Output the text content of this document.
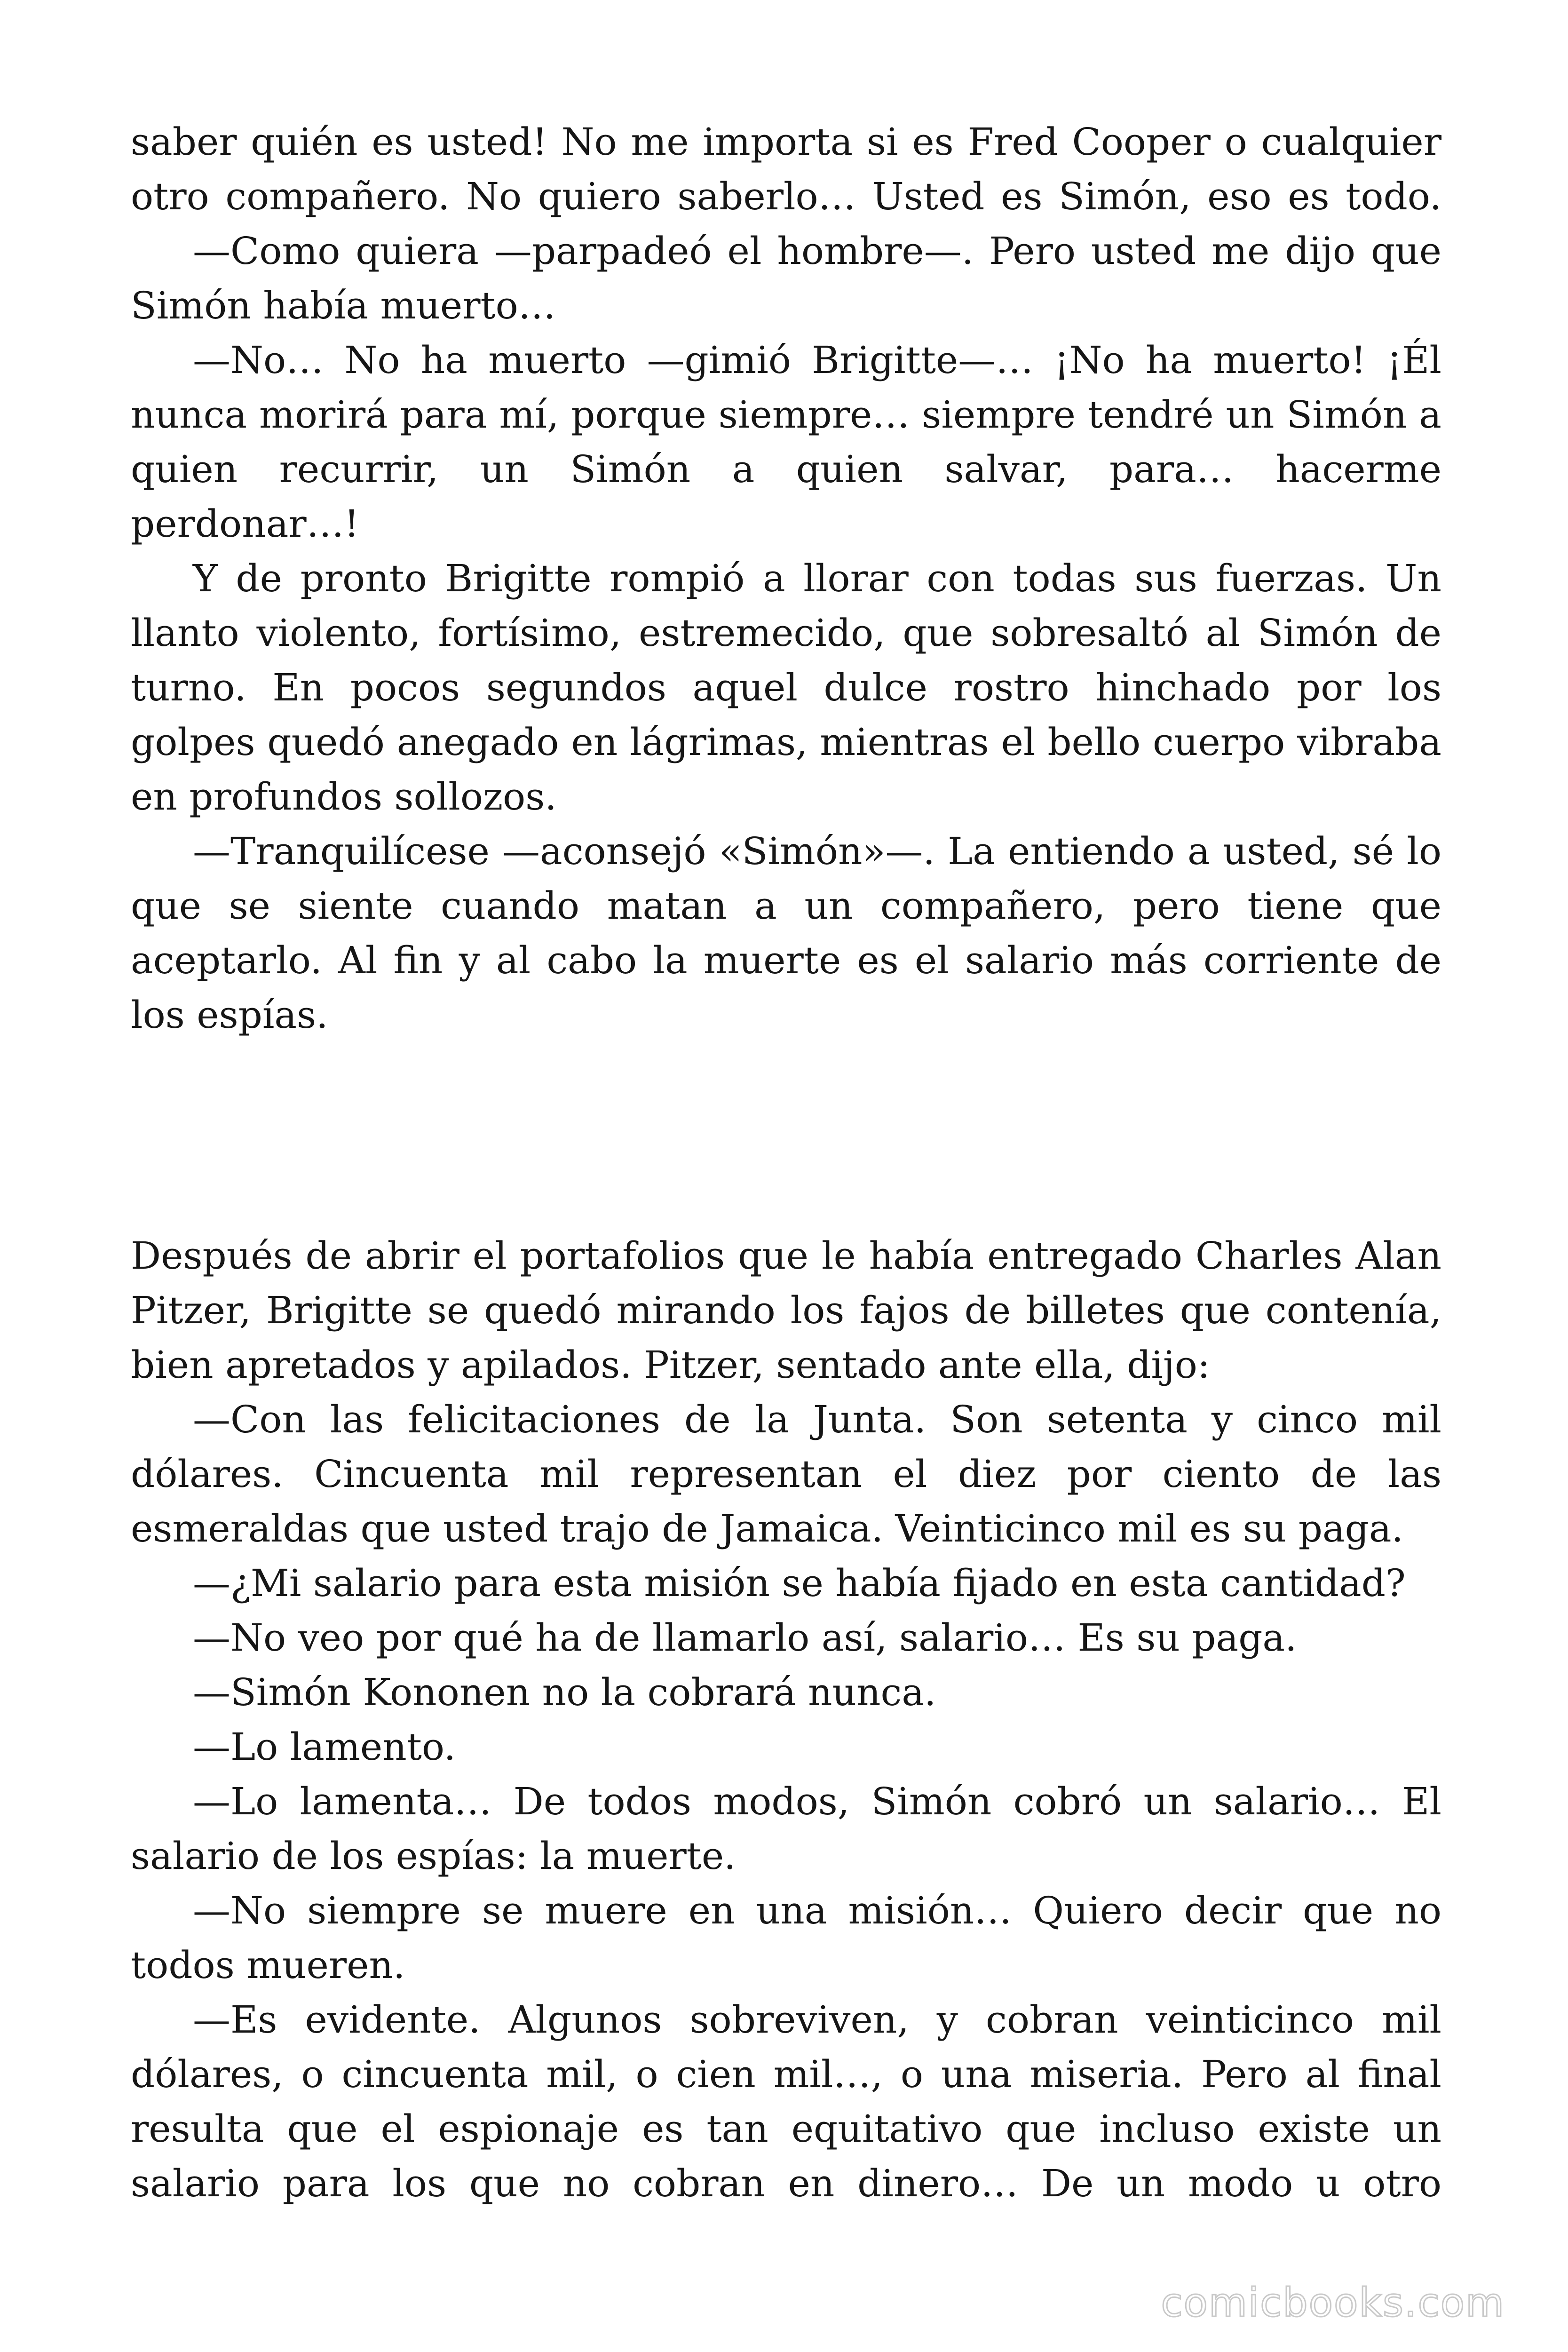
saber quién es usted! No me importa si es Fred Cooper o cualquier
otro compañero. No quiero saberlo… Usted es Simón, eso es todo.
—Como quiera —parpadeó el hombre—. Pero usted me dijo que
Simón había muerto…
—No… No ha muerto —gimió Brigitte—… ¡No ha muerto! ¡Él
nunca morirá para mí, porque siempre… siempre tendré un Simón a
quien recurrir, un Simón a quien salvar, para… hacerme
perdonar…!
Y de pronto Brigitte rompió a llorar con todas sus fuerzas. Un
llanto violento, fortísimo, estremecido, que sobresaltó al Simón de
turno. En pocos segundos aquel dulce rostro hinchado por los
golpes quedó anegado en lágrimas, mientras el bello cuerpo vibraba
en profundos sollozos.
—Tranquilícese —aconsejó «Simón»—. La entiendo a usted, sé lo
que se siente cuando matan a un compañero, pero tiene que
aceptarlo. Al fin y al cabo la muerte es el salario más corriente de
los espías.
Después de abrir el portafolios que le había entregado Charles Alan
Pitzer, Brigitte se quedó mirando los fajos de billetes que contenía,
bien apretados y apilados. Pitzer, sentado ante ella, dijo:
—Con las felicitaciones de la Junta. Son setenta y cinco mil
dólares. Cincuenta mil representan el diez por ciento de las
esmeraldas que usted trajo de Jamaica. Veinticinco mil es su paga.
—¿Mi salario para esta misión se había fijado en esta cantidad?
—No veo por qué ha de llamarlo así, salario… Es su paga.
—Simón Kononen no la cobrará nunca.
—Lo lamento.
—Lo lamenta… De todos modos, Simón cobró un salario… El
salario de los espías: la muerte.
—No siempre se muere en una misión… Quiero decir que no
todos mueren.
—Es evidente. Algunos sobreviven, y cobran veinticinco mil
dólares, o cincuenta mil, o cien mil…, o una miseria. Pero al final
resulta que el espionaje es tan equitativo que incluso existe un
salario para los que no cobran en dinero… De un modo u otro
comicbooks.com
